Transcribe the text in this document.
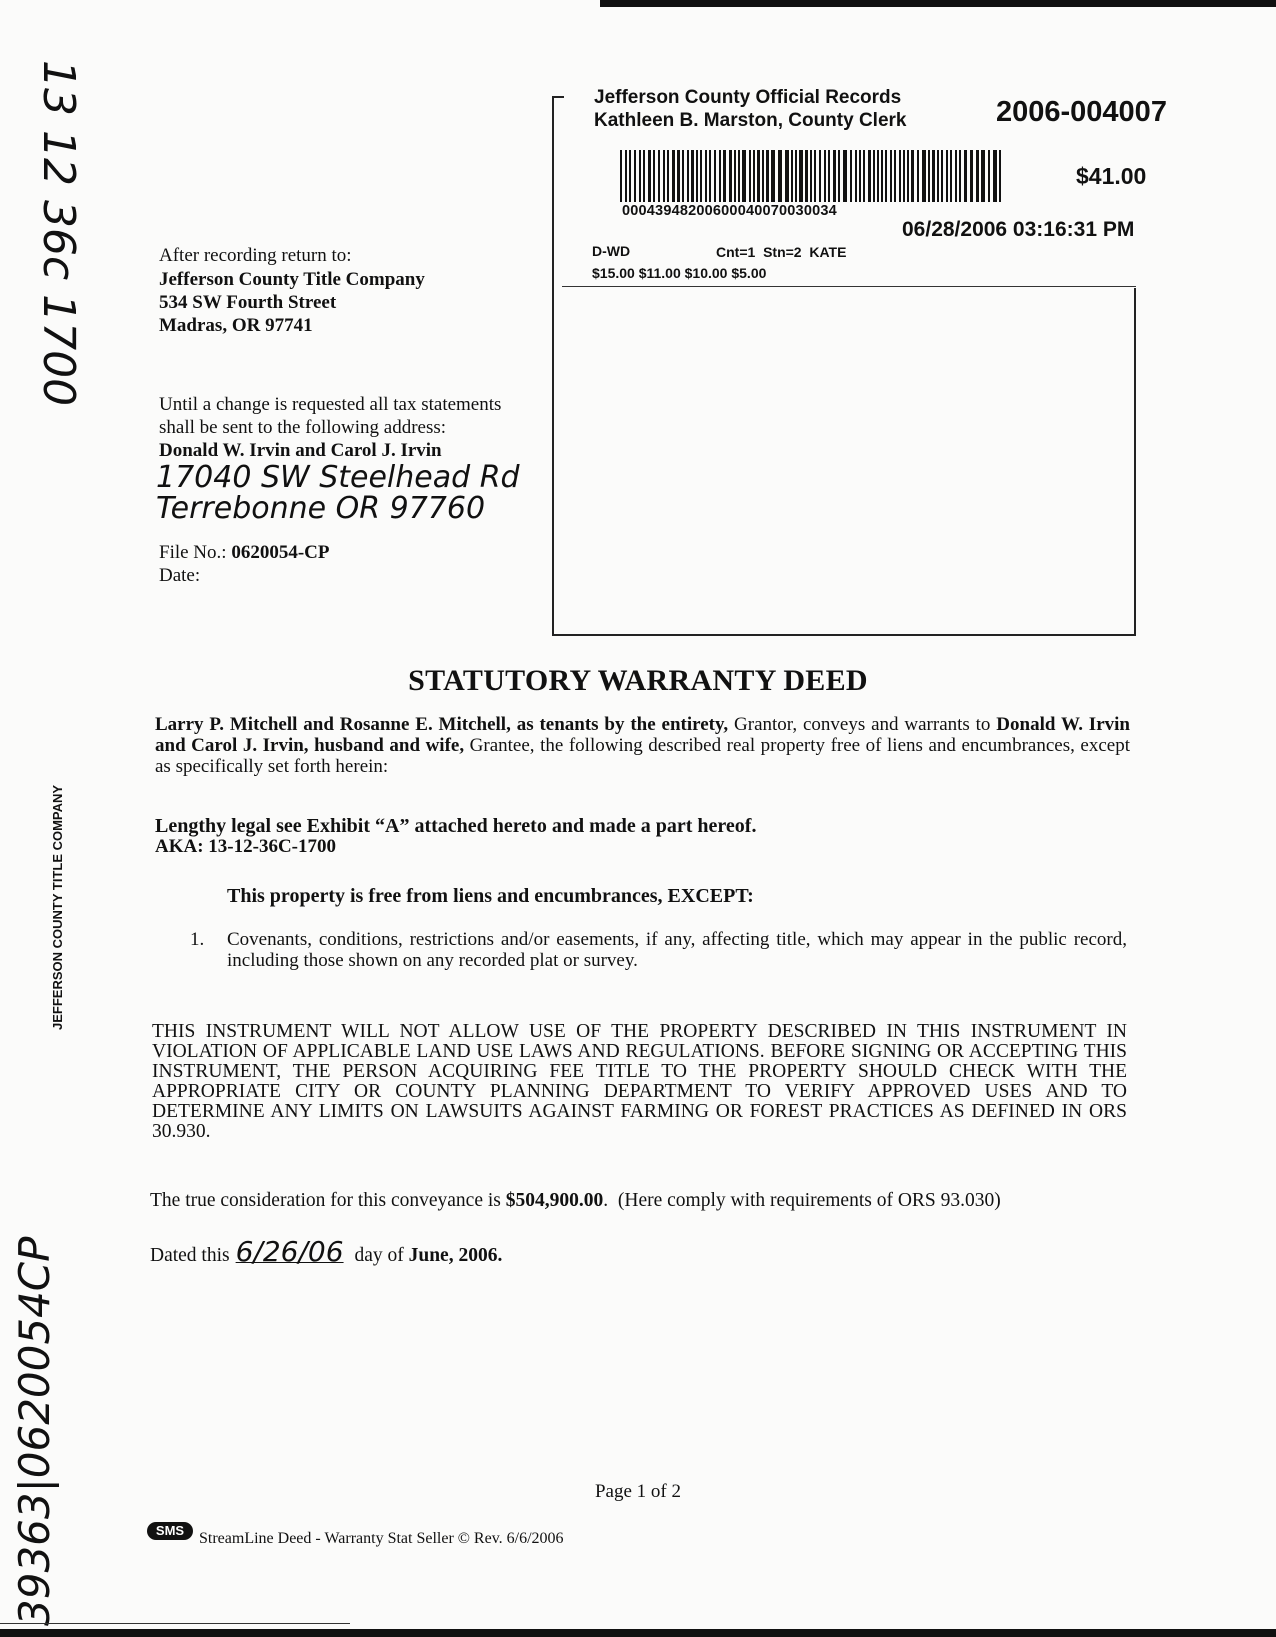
Jefferson County Official Records
Kathleen B. Marston, County Clerk	2006-004007
00043948200600040070030034
$41.00
06/28/2006 03:16:31 PM
D-WD	Cnt=1  Stn=2  KATE
$15.00 $11.00 $10.00 $5.00
After recording return to:
Jefferson County Title Company
534 SW Fourth Street
Madras, OR 97741
Until a change is requested all tax statements
shall be sent to the following address:
Donald W. Irvin and Carol J. Irvin
17040 SW Steelhead Rd
Terrebonne OR 97760
File No.: 0620054-CP
Date:
13 12 36c 1700
JEFFERSON COUNTY TITLE COMPANY
39363|0620054CP
STATUTORY WARRANTY DEED
Larry P. Mitchell and Rosanne E. Mitchell, as tenants by the entirety, Grantor, conveys and warrants to Donald W. Irvin and Carol J. Irvin, husband and wife, Grantee, the following described real property free of liens and encumbrances, except as specifically set forth herein:
Lengthy legal see Exhibit “A” attached hereto and made a part hereof.
AKA: 13-12-36C-1700
This property is free from liens and encumbrances, EXCEPT:
1. Covenants, conditions, restrictions and/or easements, if any, affecting title, which may appear in the public record, including those shown on any recorded plat or survey.
THIS INSTRUMENT WILL NOT ALLOW USE OF THE PROPERTY DESCRIBED IN THIS INSTRUMENT IN VIOLATION OF APPLICABLE LAND USE LAWS AND REGULATIONS. BEFORE SIGNING OR ACCEPTING THIS INSTRUMENT, THE PERSON ACQUIRING FEE TITLE TO THE PROPERTY SHOULD CHECK WITH THE APPROPRIATE CITY OR COUNTY PLANNING DEPARTMENT TO VERIFY APPROVED USES AND TO DETERMINE ANY LIMITS ON LAWSUITS AGAINST FARMING OR FOREST PRACTICES AS DEFINED IN ORS 30.930.
The true consideration for this conveyance is $504,900.00.  (Here comply with requirements of ORS 93.030)
Dated this 6/26/06 day of June, 2006.
Page 1 of 2
SMS StreamLine Deed - Warranty Stat Seller © Rev. 6/6/2006
